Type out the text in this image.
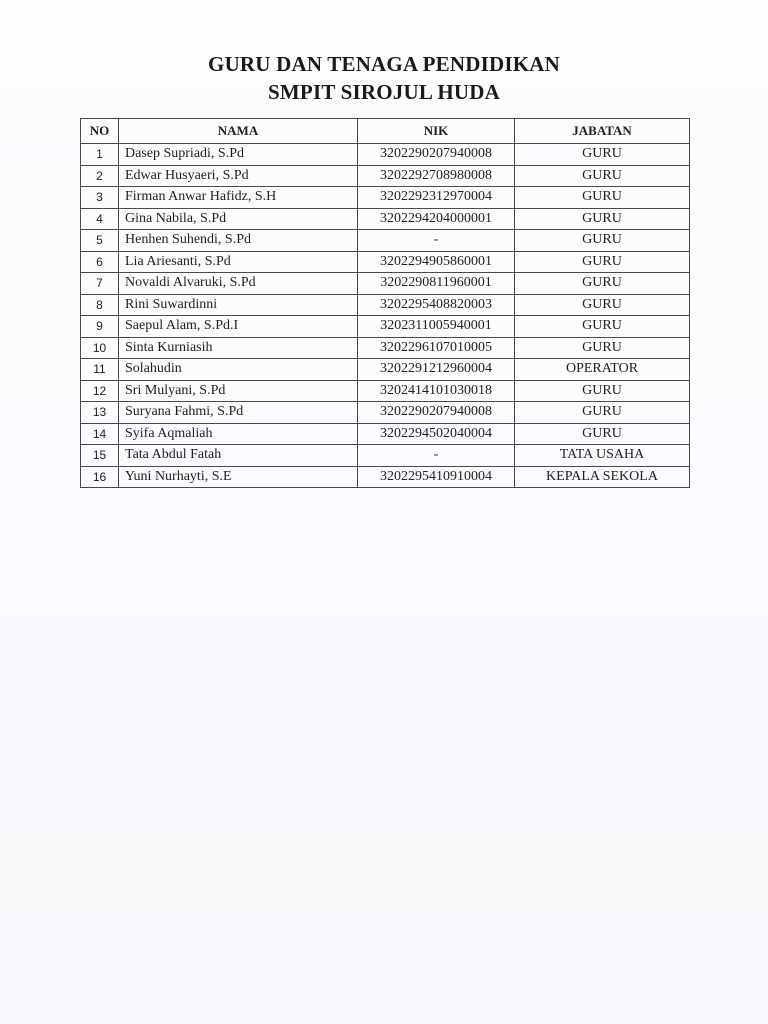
GURU DAN TENAGA PENDIDIKAN
SMPIT SIROJUL HUDA
NO	NAMA	NIK	JABATAN
1	Dasep Supriadi, S.Pd	3202290207940008	GURU
2	Edwar Husyaeri, S.Pd	3202292708980008	GURU
3	Firman Anwar Hafidz, S.H	3202292312970004	GURU
4	Gina Nabila, S.Pd	3202294204000001	GURU
5	Henhen Suhendi, S.Pd	-	GURU
6	Lia Ariesanti, S.Pd	3202294905860001	GURU
7	Novaldi Alvaruki, S.Pd	3202290811960001	GURU
8	Rini Suwardinni	3202295408820003	GURU
9	Saepul Alam, S.Pd.I	3202311005940001	GURU
10	Sinta Kurniasih	3202296107010005	GURU
11	Solahudin	3202291212960004	OPERATOR
12	Sri Mulyani, S.Pd	3202414101030018	GURU
13	Suryana Fahmi, S.Pd	3202290207940008	GURU
14	Syifa Aqmaliah	3202294502040004	GURU
15	Tata Abdul Fatah	-	TATA USAHA
16	Yuni Nurhayti, S.E	3202295410910004	KEPALA SEKOLA
